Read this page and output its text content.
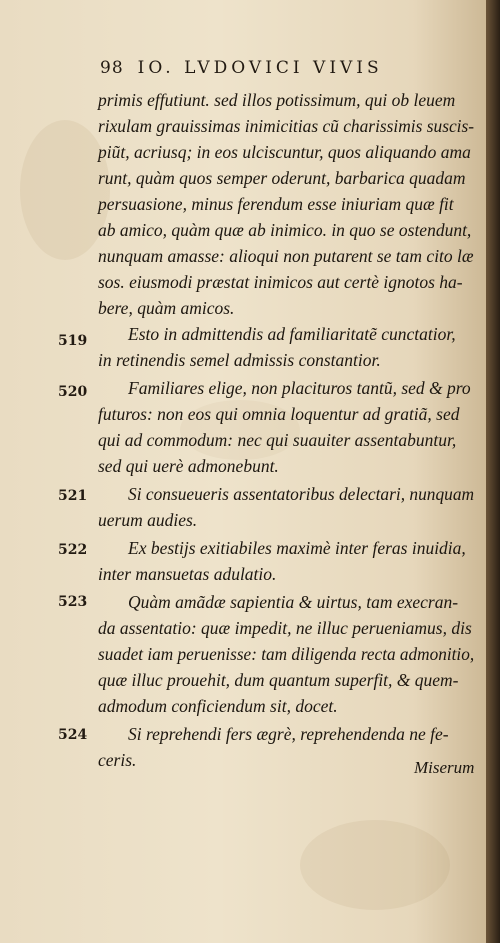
98 IO. LVDOVICI VIVIS
primis effutiunt. sed illos potissimum, qui ob leuem
rixulam grauissimas inimicitias cũ charissimis suscis-
piũt, acriusq; in eos ulciscuntur, quos aliquando ama
runt, quàm quos semper oderunt, barbarica quadam
persuasione, minus ferendum esse iniuriam quæ fit
ab amico, quàm quæ ab inimico. in quo se ostendunt,
nunquam amasse: alioqui non putarent se tam cito læ
sos. eiusmodi præstat inimicos aut certè ignotos ha-
bere, quàm amicos.
Esto in admittendis ad familiaritatẽ cunctatior,
in retinendis semel admissis constantior.
Familiares elige, non placituros tantũ, sed & pro
futuros: non eos qui omnia loquentur ad gratiã, sed
qui ad commodum: nec qui suauiter assentabuntur,
sed qui uerè admonebunt.
Si consueueris assentatoribus delectari, nunquam
uerum audies.
Ex bestijs exitiabiles maximè inter feras inuidia,
inter mansuetas adulatio.
Quàm amãdæ sapientia & uirtus, tam execran-
da assentatio: quæ impedit, ne illuc perueniamus, dis
suadet iam peruenisse: tam diligenda recta admonitio,
quæ illuc prouehit, dum quantum superfit, & quem-
admodum conficiendum sit, docet.
Si reprehendi fers ægrè, reprehendenda ne fe-
ceris.
519
520
521
522
523
524
Miserum
